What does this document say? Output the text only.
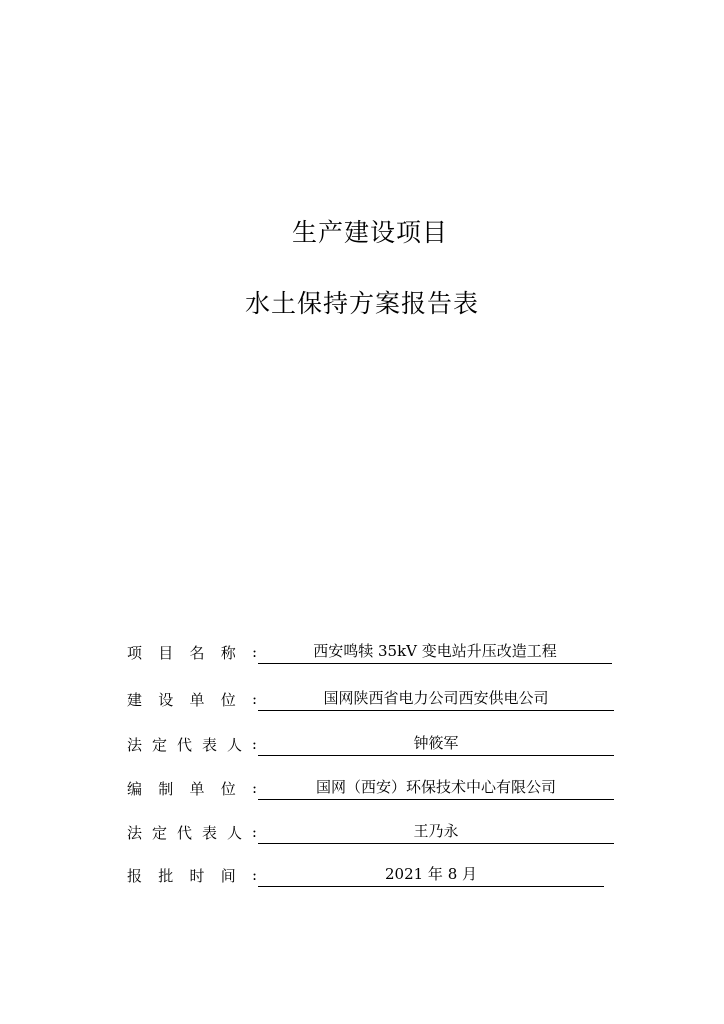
生产建设项目
水土保持方案报告表
项 目 名 称 :	西安鸣犊 35kV 变电站升压改造工程
建 设 单 位 :	国网陕西省电力公司西安供电公司
法 定 代 表 人 :	钟筱军
编 制 单 位 :	国网（西安）环保技术中心有限公司
法 定 代 表 人 :	王乃永
报 批 时 间 :	2021 年 8 月
